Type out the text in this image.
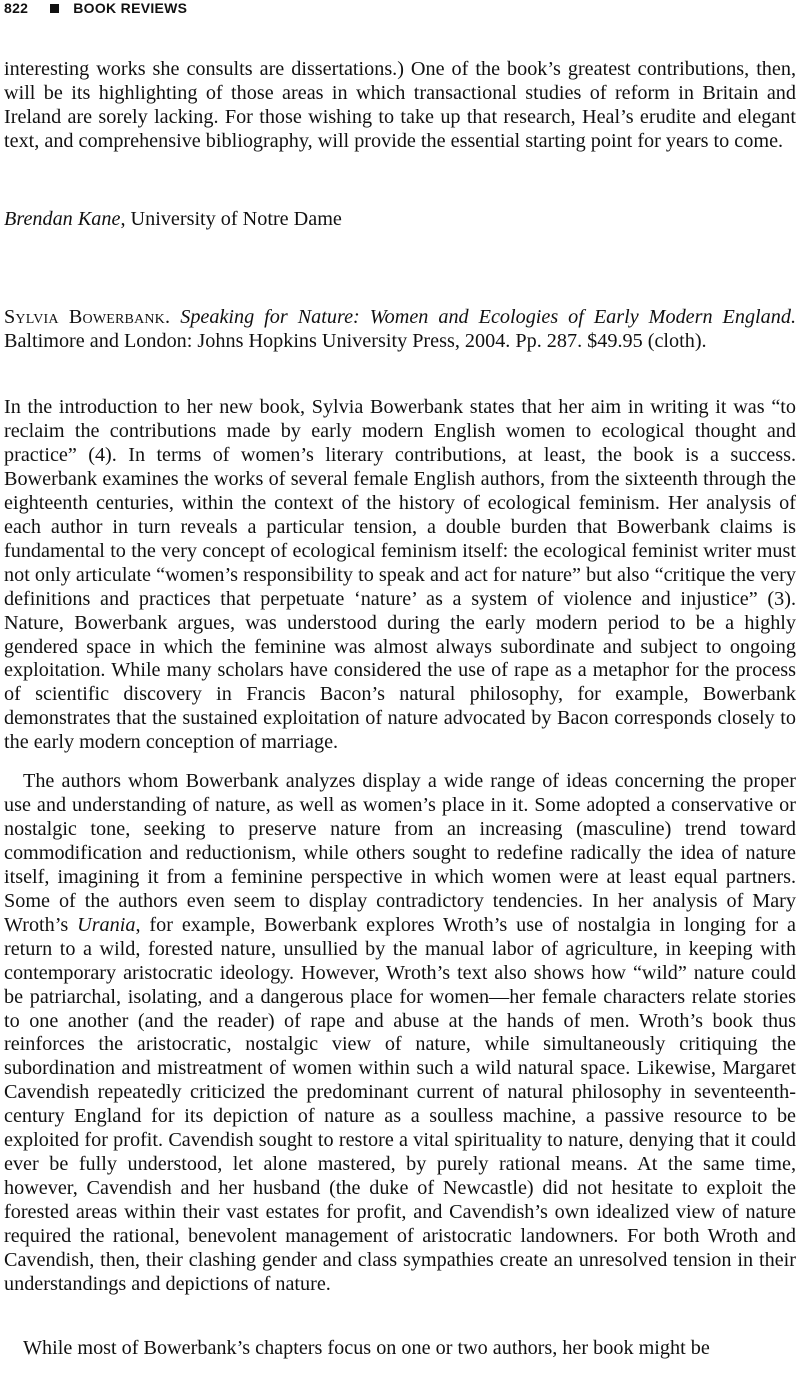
822	BOOK REVIEWS

interesting works she consults are dissertations.) One of the book’s greatest contributions, then, will be its highlighting of those areas in which transactional studies of reform in Britain and Ireland are sorely lacking. For those wishing to take up that research, Heal’s erudite and elegant text, and comprehensive bibliography, will provide the essential starting point for years to come.

Brendan Kane, University of Notre Dame
Sylvia Bowerbank. Speaking for Nature: Women and Ecologies of Early Modern England.
Baltimore and London: Johns Hopkins University Press, 2004. Pp. 287. $49.95 (cloth).

In the introduction to her new book, Sylvia Bowerbank states that her aim in writing it was “to reclaim the contributions made by early modern English women to ecological thought and practice” (4). In terms of women’s literary contributions, at least, the book is a success. Bowerbank examines the works of several female English authors, from the sixteenth through the eighteenth centuries, within the context of the history of ecological feminism. Her analysis of each author in turn reveals a particular tension, a double burden that Bowerbank claims is fundamental to the very concept of ecological feminism itself: the ecological feminist writer must not only articulate “women’s responsibility to speak and act for nature” but also “critique the very definitions and practices that perpetuate ‘nature’ as a system of violence and injustice” (3). Nature, Bowerbank argues, was understood during the early modern period to be a highly gendered space in which the feminine was almost always subordinate and subject to ongoing exploitation. While many scholars have considered the use of rape as a metaphor for the process of scientific discovery in Francis Bacon’s natural philosophy, for example, Bowerbank demonstrates that the sustained exploitation of nature advocated by Bacon corresponds closely to the early modern conception of marriage.

The authors whom Bowerbank analyzes display a wide range of ideas concerning the proper use and understanding of nature, as well as women’s place in it. Some adopted a conservative or nostalgic tone, seeking to preserve nature from an increasing (masculine) trend toward commodification and reductionism, while others sought to redefine radically the idea of nature itself, imagining it from a feminine perspective in which women were at least equal partners. Some of the authors even seem to display contradictory tendencies. In her analysis of Mary Wroth’s Urania, for example, Bowerbank explores Wroth’s use of nostalgia in longing for a return to a wild, forested nature, unsullied by the manual labor of agriculture, in keeping with contemporary aristocratic ideology. However, Wroth’s text also shows how “wild” nature could be patriarchal, isolating, and a dangerous place for women—her female characters relate stories to one another (and the reader) of rape and abuse at the hands of men. Wroth’s book thus reinforces the aristocratic, nostalgic view of nature, while simultaneously critiquing the subordination and mistreatment of women within such a wild natural space. Likewise, Margaret Cavendish repeatedly criticized the predominant current of natural philosophy in seventeenth-century England for its depiction of nature as a soulless machine, a passive resource to be exploited for profit. Cavendish sought to restore a vital spirituality to nature, denying that it could ever be fully understood, let alone mastered, by purely rational means. At the same time, however, Cavendish and her husband (the duke of Newcastle) did not hesitate to exploit the forested areas within their vast estates for profit, and Cavendish’s own idealized view of nature required the rational, benevolent management of aristocratic landowners. For both Wroth and Cavendish, then, their clashing gender and class sympathies create an unresolved tension in their understandings and depictions of nature.

While most of Bowerbank’s chapters focus on one or two authors, her book might be
